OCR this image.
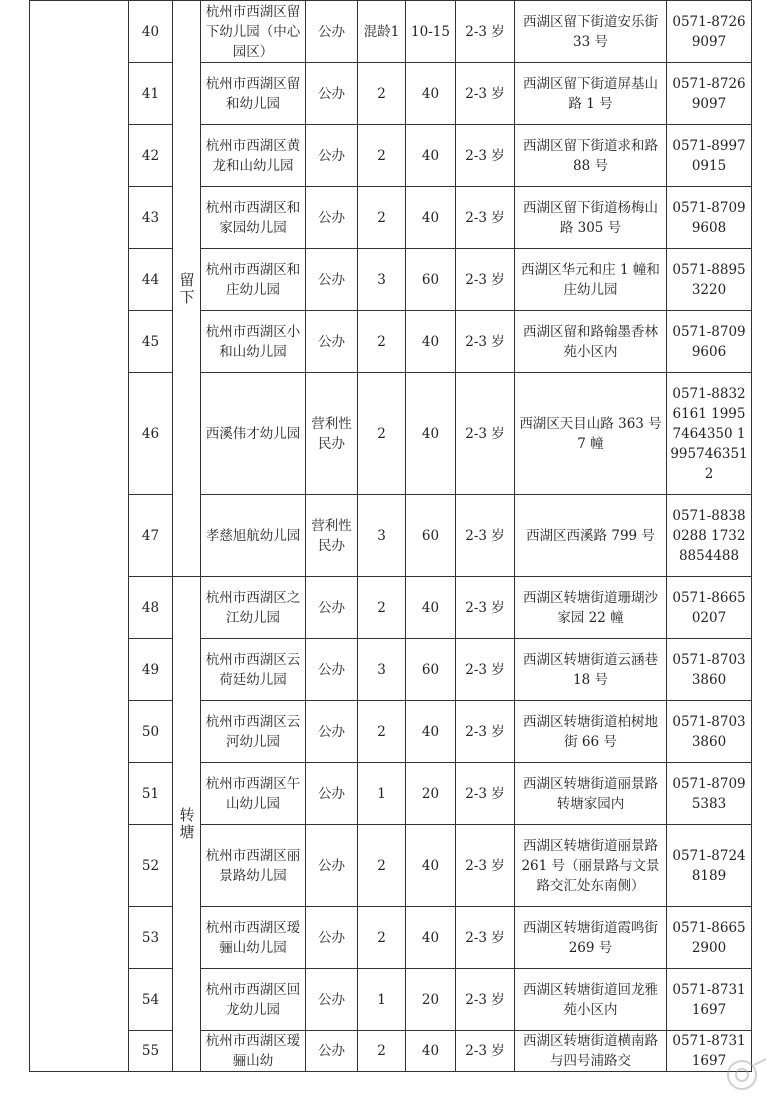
	40	留下	杭州市西湖区留下幼儿园（中心园区）	公办	混龄1	10-15	2-3 岁	西湖区留下街道安乐街 33 号	0571-87269097
	41		杭州市西湖区留和幼儿园	公办	2	40	2-3 岁	西湖区留下街道屏基山路 1 号	0571-87269097
	42		杭州市西湖区黄龙和山幼儿园	公办	2	40	2-3 岁	西湖区留下街道求和路 88 号	0571-89970915
	43		杭州市西湖区和家园幼儿园	公办	2	40	2-3 岁	西湖区留下街道杨梅山路 305 号	0571-87099608
	44		杭州市西湖区和庄幼儿园	公办	3	60	2-3 岁	西湖区华元和庄 1 幢和庄幼儿园	0571-88953220
	45		杭州市西湖区小和山幼儿园	公办	2	40	2-3 岁	西湖区留和路翰墨香林苑小区内	0571-87099606
	46		西溪伟才幼儿园	营利性民办	2	40	2-3 岁	西湖区天目山路 363 号 7 幢	0571-88326161 19957464350 19957463512
	47		孝慈旭航幼儿园	营利性民办	3	60	2-3 岁	西湖区西溪路 799 号	0571-88380288 17328854488
	48	转塘	杭州市西湖区之江幼儿园	公办	2	40	2-3 岁	西湖区转塘街道珊瑚沙家园 22 幢	0571-86650207
	49		杭州市西湖区云荷廷幼儿园	公办	3	60	2-3 岁	西湖区转塘街道云涵巷 18 号	0571-87033860
	50		杭州市西湖区云河幼儿园	公办	2	40	2-3 岁	西湖区转塘街道柏树地街 66 号	0571-87033860
	51		杭州市西湖区午山幼儿园	公办	1	20	2-3 岁	西湖区转塘街道丽景路转塘家园内	0571-87095383
	52		杭州市西湖区丽景路幼儿园	公办	2	40	2-3 岁	西湖区转塘街道丽景路 261 号（丽景路与文景路交汇处东南侧）	0571-87248189
	53		杭州市西湖区瑷骊山幼儿园	公办	2	40	2-3 岁	西湖区转塘街道霞鸣街 269 号	0571-86652900
	54		杭州市西湖区回龙幼儿园	公办	1	20	2-3 岁	西湖区转塘街道回龙雅苑小区内	0571-87311697
	55		杭州市西湖区瑷骊山幼	公办	2	40	2-3 岁	西湖区转塘街道横南路与四号浦路交	0571-87311697
